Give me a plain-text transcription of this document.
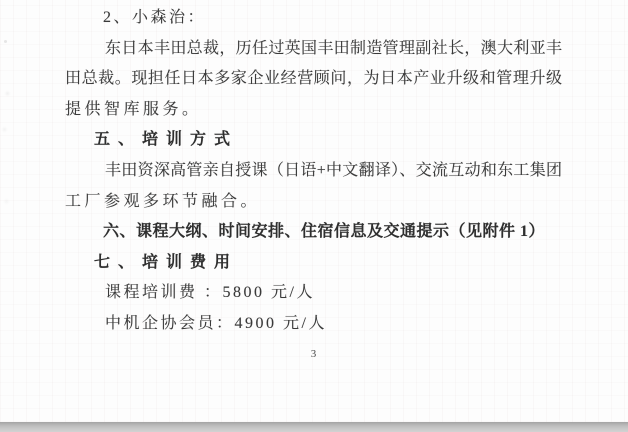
2、小森治：
东日本丰田总裁，历任过英国丰田制造管理副社长，澳大利亚丰
田总裁。现担任日本多家企业经营顾问，为日本产业升级和管理升级
提供智库服务。
五、培训方式
丰田资深高管亲自授课（日语+中文翻译）、交流互动和东工集团
工厂参观多环节融合。
六、课程大纲、时间安排、住宿信息及交通提示（见附件 1）
七、培训费用
课程培训费 ：5800 元/人
中机企协会员：4900 元/人
3
